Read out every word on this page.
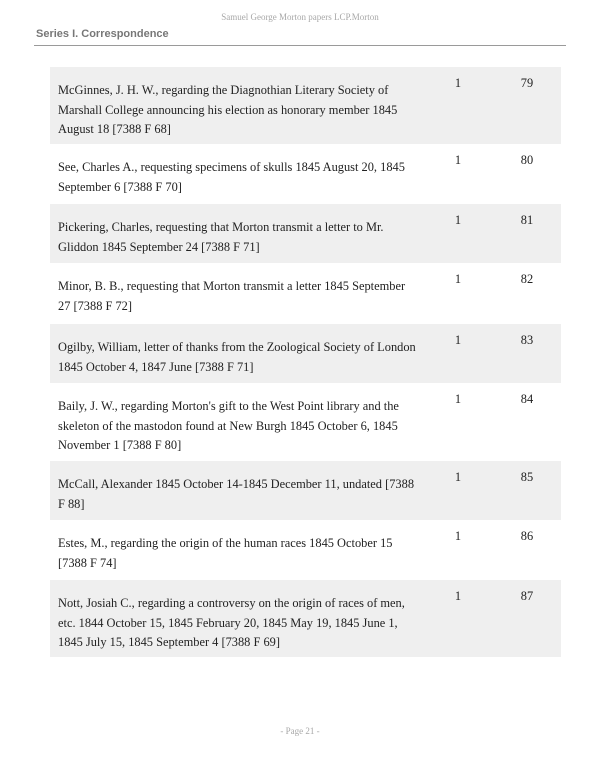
Samuel George Morton papers LCP.Morton
Series I. Correspondence
McGinnes, J. H. W., regarding the Diagnothian Literary Society of Marshall College announcing his election as honorary member 1845 August 18 [7388 F 68]
1	79
See, Charles A., requesting specimens of skulls 1845 August 20, 1845 September 6 [7388 F 70]
1	80
Pickering, Charles, requesting that Morton transmit a letter to Mr. Gliddon 1845 September 24 [7388 F 71]
1	81
Minor, B. B., requesting that Morton transmit a letter 1845 September 27 [7388 F 72]
1	82
Ogilby, William, letter of thanks from the Zoological Society of London 1845 October 4, 1847 June [7388 F 71]
1	83
Baily, J. W., regarding Morton's gift to the West Point library and the skeleton of the mastodon found at New Burgh 1845 October 6, 1845 November 1 [7388 F 80]
1	84
McCall, Alexander 1845 October 14-1845 December 11, undated [7388 F 88]
1	85
Estes, M., regarding the origin of the human races 1845 October 15 [7388 F 74]
1	86
Nott, Josiah C., regarding a controversy on the origin of races of men, etc. 1844 October 15, 1845 February 20, 1845 May 19, 1845 June 1, 1845 July 15, 1845 September 4 [7388 F 69]
1	87
- Page 21 -
